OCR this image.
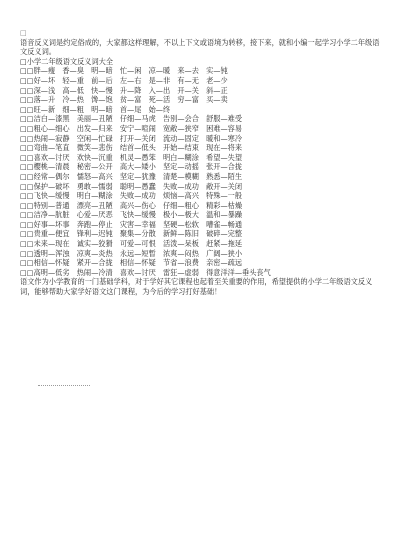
□

语音反义词是约定俗成的，大家都这样理解，不以上下文或语境为转移，接下来，就和小编一起学习小学二年级语文反义词。

□小学二年级语文反义词大全

□□胖—瘦　香—臭　明—暗　忙—闲　凉—暖　来—去　实—钝
□□好—坏　轻—重　前—后　左—右　是—非　有—无　老—少
□□深—浅　高—低　快—慢　升—降　入—出　开—关　斜—正
□□落—升　冷—热　馋—饱　贫—富　死—活　穷—富　买—卖
□□旺—新　细—粗　明—暗　首—尾　始—终
□□洁白—漆黑　美丽—丑陋　仔细—马虎　告别—会合　舒服—难受
□□粗心—细心　出发—归来　安宁—喧闹　宽敞—狭窄　困难—容易
□□热闹—寂静　空闲—忙碌　打开—关闭　流动—固定　暖和—寒冷
□□弯曲—笔直　微笑—悲伤　结首—低头　开始—结束　现在—将来
□□喜欢—讨厌　欢快—沉重　机灵—愚笨　明白—糊涂　希望—失望
□□樱桃—清晨　秘密—公开　高大—矮小　坚定—动摇　张开—合拢
□□经常—偶尔　懦怒—高兴　坚定—犹豫　清楚—模糊　熟悉—陌生
□□保护—破坏　勇敢—懦弱　聪明—愚蠢　失败—成功　敞开—关闭
□□飞快—缓慢　明白—糊涂　失败—成功　烦恼—高兴　特殊—一般
□□特别—普通　漂亮—丑陋　高兴—伤心　仔细—粗心　精彩—枯燥
□□洁净—肮脏　心爱—厌恶　飞快—缓慢　极小—极大　温和—暴躁
□□好事—坏事　奔跑—停止　灾害—幸福　坚硬—松软　嘈雀—畅通
□□贵重—便宜　锋利—迟钝　聚集—分散　新鲜—陈旧　破碎—完整
□□未来—现在　诚实—狡猾　可爱—可恨　活泼—呆板　赶紧—拖延
□□透明—浑浊　凉爽—炎热　永远—短暂　浓爽—闷热　广阔—狭小
□□相信—怀疑　紧开—合拢　相信—怀疑　节省—浪费　亲密—疏远
□□高明—低劣　热闹—冷清　喜欢—讨厌　雷狂—虚弱　得意洋洋—垂头丧气

语文作为小学教育的一门基础学科，对于学好其它课程也起着至关重要的作用，希望提供的小学二年级语文反义词，能够帮助大家学好语文这门课程，为今后的学习打好基础！
